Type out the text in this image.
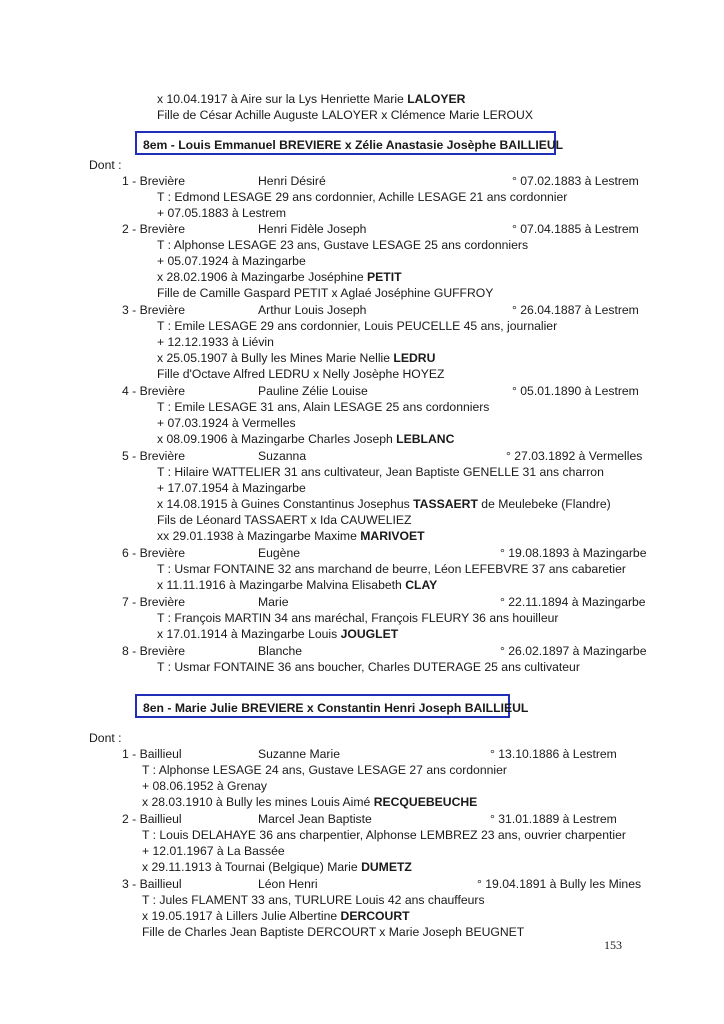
x 10.04.1917 à Aire sur la Lys Henriette Marie LALOYER
Fille de César Achille Auguste LALOYER x Clémence Marie LEROUX
8em - Louis Emmanuel BREVIERE x Zélie Anastasie Josèphe BAILLIEUL
Dont :
1 - Brevière	Henri Désiré	° 07.02.1883 à Lestrem
T : Edmond LESAGE 29 ans cordonnier, Achille LESAGE 21 ans cordonnier
+ 07.05.1883 à Lestrem
2 - Brevière	Henri Fidèle Joseph	° 07.04.1885 à Lestrem
T : Alphonse LESAGE 23 ans, Gustave LESAGE 25 ans cordonniers
+ 05.07.1924 à Mazingarbe
x 28.02.1906 à Mazingarbe Joséphine PETIT
Fille de Camille Gaspard PETIT x Aglaé Joséphine GUFFROY
3 - Brevière	Arthur Louis Joseph	° 26.04.1887 à Lestrem
T : Emile LESAGE 29 ans cordonnier, Louis PEUCELLE 45 ans, journalier
+ 12.12.1933 à Liévin
x 25.05.1907 à Bully les Mines Marie Nellie LEDRU
Fille d'Octave Alfred LEDRU x Nelly Josèphe HOYEZ
4 - Brevière	Pauline Zélie Louise	° 05.01.1890 à Lestrem
T : Emile LESAGE 31 ans, Alain LESAGE 25 ans cordonniers
+ 07.03.1924 à Vermelles
x 08.09.1906 à Mazingarbe Charles Joseph LEBLANC
5 - Brevière	Suzanna	° 27.03.1892 à Vermelles
T : Hilaire WATTELIER 31 ans cultivateur, Jean Baptiste GENELLE 31 ans charron
+ 17.07.1954 à Mazingarbe
x 14.08.1915 à Guines Constantinus Josephus TASSAERT de Meulebeke (Flandre)
Fils de Léonard TASSAERT x Ida CAUWELIEZ
xx 29.01.1938 à Mazingarbe Maxime MARIVOET
6 - Brevière	Eugène	° 19.08.1893 à Mazingarbe
T : Usmar FONTAINE 32 ans marchand de beurre, Léon LEFEBVRE 37 ans cabaretier
x 11.11.1916 à Mazingarbe Malvina Elisabeth CLAY
7 - Brevière	Marie	° 22.11.1894 à Mazingarbe
T : François MARTIN 34 ans maréchal, François FLEURY 36 ans houilleur
x 17.01.1914 à Mazingarbe Louis JOUGLET
8 - Brevière	Blanche	° 26.02.1897 à Mazingarbe
T : Usmar FONTAINE 36 ans boucher, Charles DUTERAGE 25 ans cultivateur
8en - Marie Julie BREVIERE x Constantin Henri Joseph BAILLIEUL
Dont :
1 - Baillieul	Suzanne Marie	° 13.10.1886 à Lestrem
T : Alphonse LESAGE 24 ans, Gustave LESAGE 27 ans cordonnier
+ 08.06.1952 à Grenay
x 28.03.1910 à Bully les mines Louis Aimé RECQUEBEUCHE
2 - Baillieul	Marcel Jean Baptiste	° 31.01.1889 à Lestrem
T : Louis DELAHAYE 36 ans charpentier, Alphonse LEMBREZ 23 ans, ouvrier charpentier
+ 12.01.1967 à La Bassée
x 29.11.1913 à Tournai (Belgique) Marie DUMETZ
3 - Baillieul	Léon Henri	° 19.04.1891 à Bully les Mines
T : Jules FLAMENT 33 ans, TURLURE Louis 42 ans chauffeurs
x 19.05.1917 à Lillers Julie Albertine DERCOURT
Fille de Charles Jean Baptiste DERCOURT x Marie Joseph BEUGNET
153
